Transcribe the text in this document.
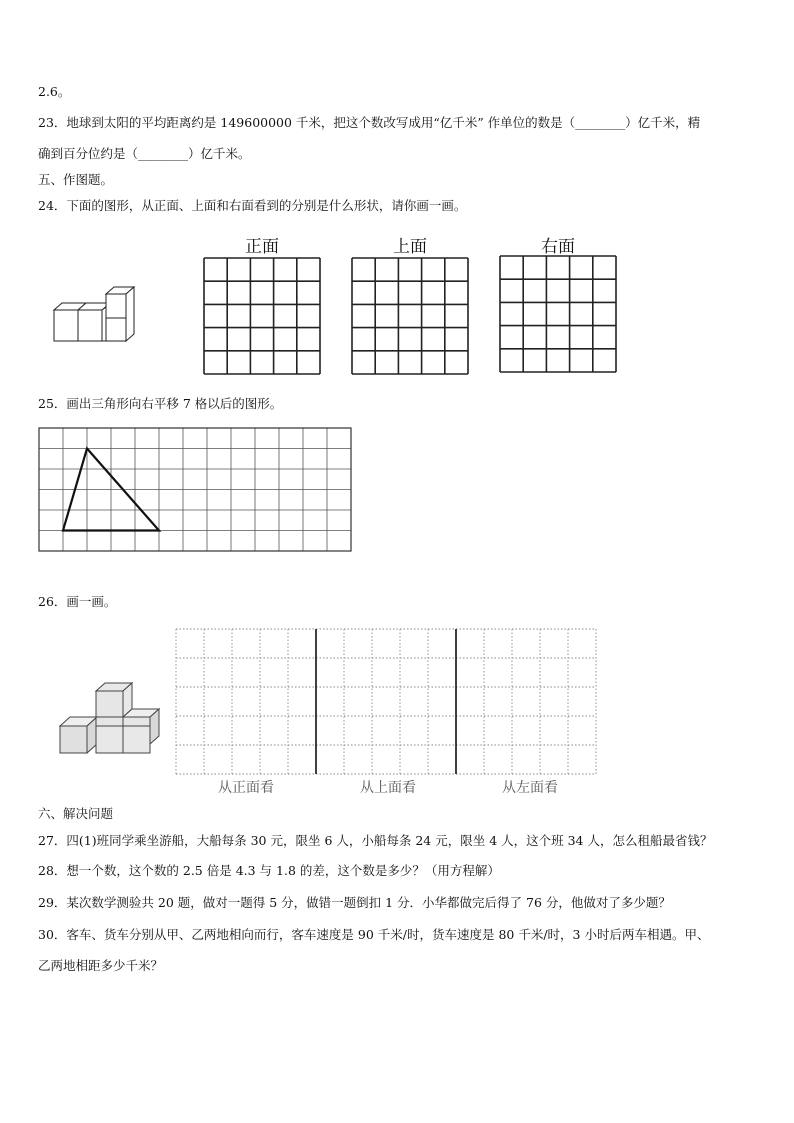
2.6。
23．地球到太阳的平均距离约是 149600000 千米，把这个数改写成用“亿千米” 作单位的数是（________）亿千米，精
确到百分位约是（________）亿千米。
五、作图题。
24．下面的图形，从正面、上面和右面看到的分别是什么形状，请你画一画。
正面	上面	右面
25．画出三角形向右平移 7 格以后的图形。
26．画一画。
从正面看	从上面看	从左面看
六、解决问题
27．四(1)班同学乘坐游船，大船每条 30 元，限坐 6 人，小船每条 24 元，限坐 4 人，这个班 34 人，怎么租船最省钱？
28．想一个数，这个数的 2.5 倍是 4.3 与 1.8 的差，这个数是多少？（用方程解）
29．某次数学测验共 20 题，做对一题得 5 分，做错一题倒扣 1 分．小华都做完后得了 76 分，他做对了多少题？
30．客车、货车分别从甲、乙两地相向而行，客车速度是 90 千米/时，货车速度是 80 千米/时，3 小时后两车相遇。甲、
乙两地相距多少千米？
